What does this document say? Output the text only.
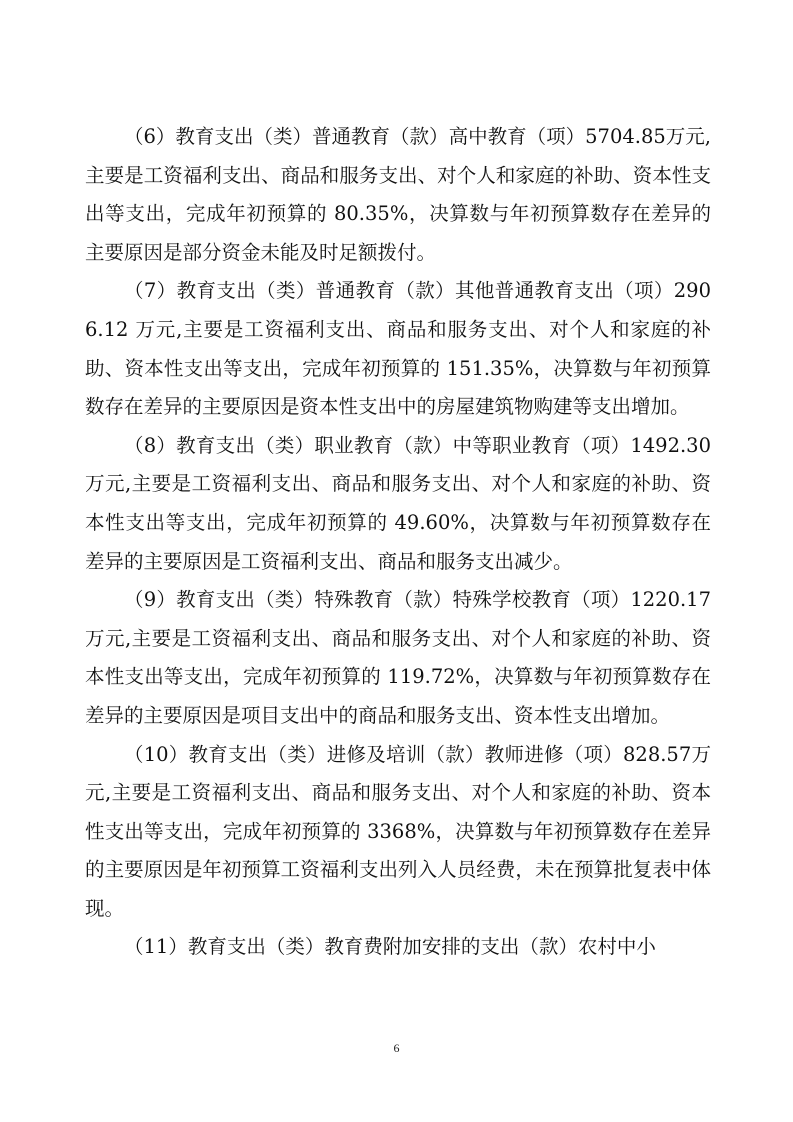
（6）教育支出（类）普通教育（款）高中教育（项）5704.85万元,主要是工资福利支出、商品和服务支出、对个人和家庭的补助、资本性支出等支出，完成年初预算的 80.35%，决算数与年初预算数存在差异的主要原因是部分资金未能及时足额拨付。

（7）教育支出（类）普通教育（款）其他普通教育支出（项）2906.12 万元,主要是工资福利支出、商品和服务支出、对个人和家庭的补助、资本性支出等支出，完成年初预算的 151.35%，决算数与年初预算数存在差异的主要原因是资本性支出中的房屋建筑物购建等支出增加。

（8）教育支出（类）职业教育（款）中等职业教育（项）1492.30万元,主要是工资福利支出、商品和服务支出、对个人和家庭的补助、资本性支出等支出，完成年初预算的 49.60%，决算数与年初预算数存在差异的主要原因是工资福利支出、商品和服务支出减少。

（9）教育支出（类）特殊教育（款）特殊学校教育（项）1220.17万元,主要是工资福利支出、商品和服务支出、对个人和家庭的补助、资本性支出等支出，完成年初预算的 119.72%，决算数与年初预算数存在差异的主要原因是项目支出中的商品和服务支出、资本性支出增加。

（10）教育支出（类）进修及培训（款）教师进修（项）828.57万元,主要是工资福利支出、商品和服务支出、对个人和家庭的补助、资本性支出等支出，完成年初预算的 3368%，决算数与年初预算数存在差异的主要原因是年初预算工资福利支出列入人员经费，未在预算批复表中体现。

（11）教育支出（类）教育费附加安排的支出（款）农村中小

6
